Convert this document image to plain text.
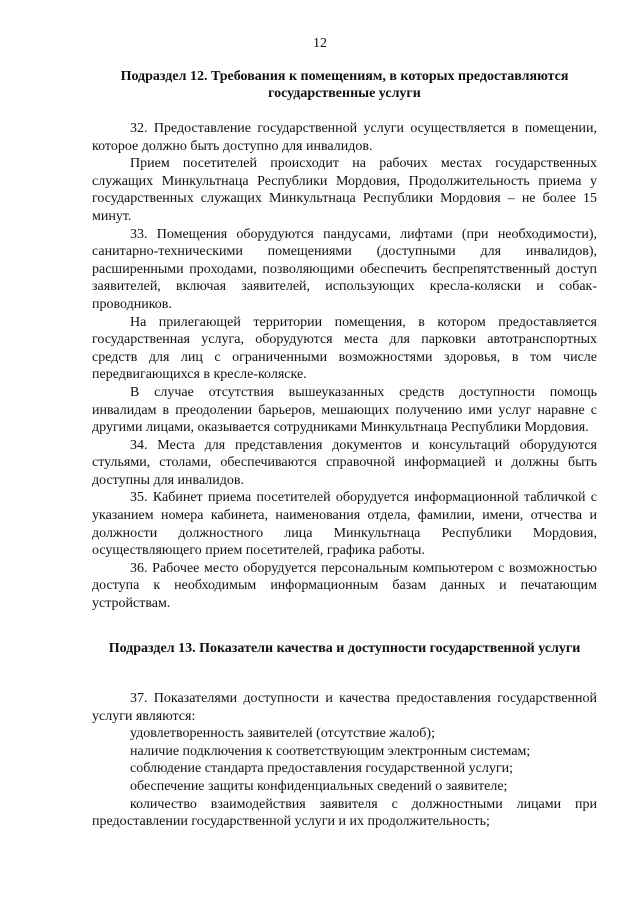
12
Подраздел 12. Требования к помещениям, в которых предоставляются государственные услуги

32. Предоставление государственной услуги осуществляется в помещении, которое должно быть доступно для инвалидов.

Прием посетителей происходит на рабочих местах государственных служащих Минкультнаца Республики Мордовия, Продолжительность приема у государственных служащих Минкультнаца Республики Мордовия – не более 15 минут.

33. Помещения оборудуются пандусами, лифтами (при необходимости), санитарно-техническими помещениями (доступными для инвалидов), расширенными проходами, позволяющими обеспечить беспрепятственный доступ заявителей, включая заявителей, использующих кресла-коляски и собак-проводников.

На прилегающей территории помещения, в котором предоставляется государственная услуга, оборудуются места для парковки автотранспортных средств для лиц с ограниченными возможностями здоровья, в том числе передвигающихся в кресле-коляске.

В случае отсутствия вышеуказанных средств доступности помощь инвалидам в преодолении барьеров, мешающих получению ими услуг наравне с другими лицами, оказывается сотрудниками Минкультнаца Республики Мордовия.

34. Места для представления документов и консультаций оборудуются стульями, столами, обеспечиваются справочной информацией и должны быть доступны для инвалидов.

35. Кабинет приема посетителей оборудуется информационной табличкой с указанием номера кабинета, наименования отдела, фамилии, имени, отчества и должности должностного лица Минкультнаца Республики Мордовия, осуществляющего прием посетителей, графика работы.

36. Рабочее место оборудуется персональным компьютером с возможностью доступа к необходимым информационным базам данных и печатающим устройствам.

Подраздел 13. Показатели качества и доступности государственной услуги

37. Показателями доступности и качества предоставления государственной услуги являются:

удовлетворенность заявителей (отсутствие жалоб);

наличие подключения к соответствующим электронным системам;

соблюдение стандарта предоставления государственной услуги;

обеспечение защиты конфиденциальных сведений о заявителе;

количество взаимодействия заявителя с должностными лицами при предоставлении государственной услуги и их продолжительность;
